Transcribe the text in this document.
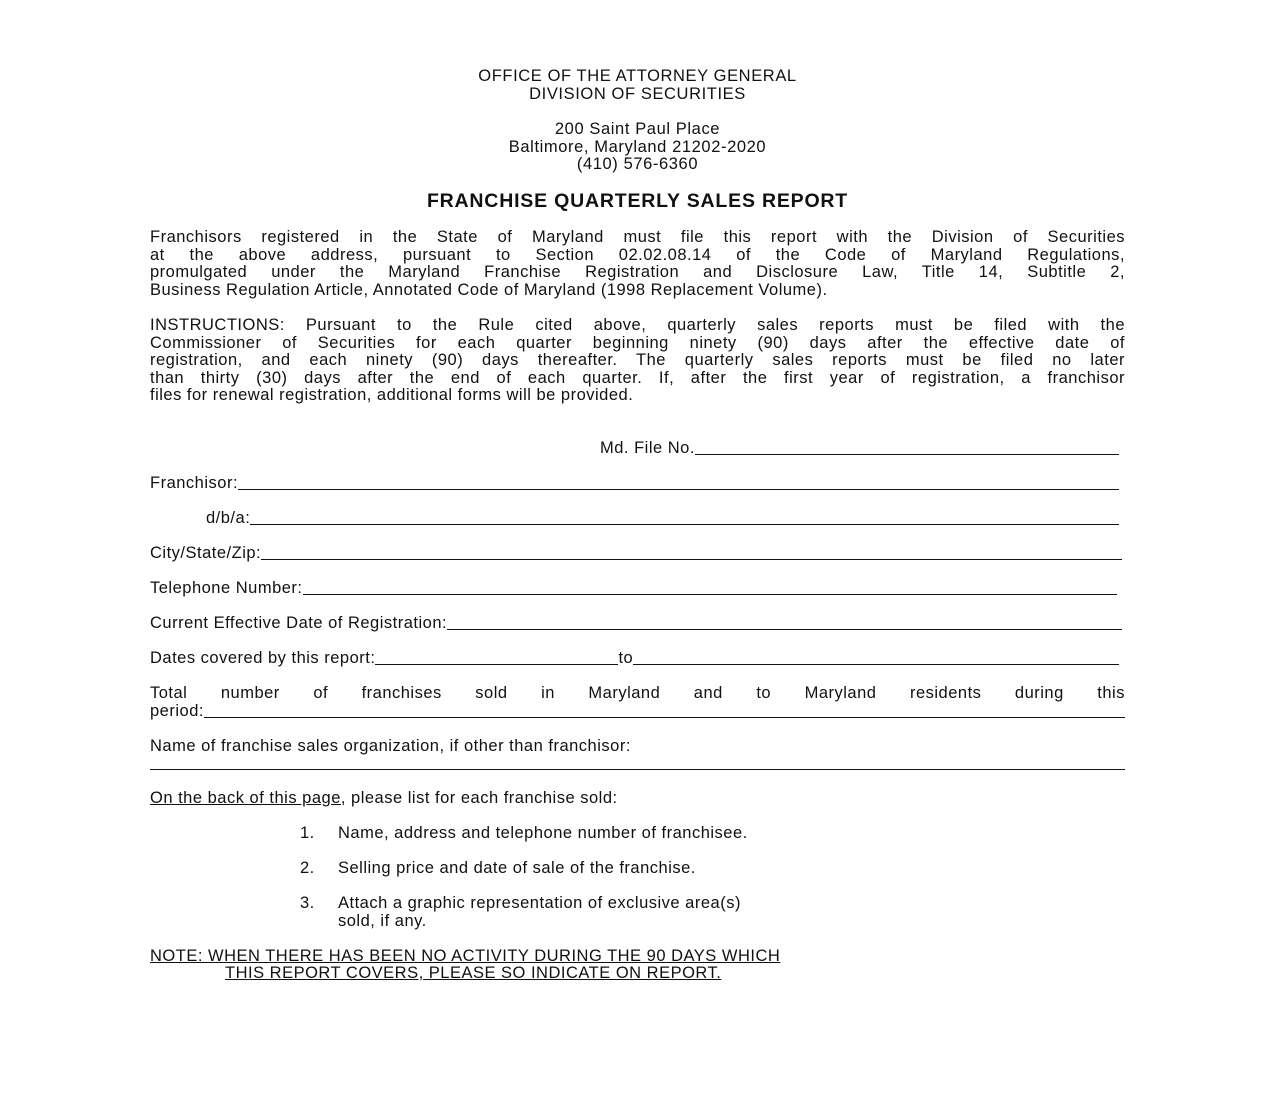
OFFICE OF THE ATTORNEY GENERAL
DIVISION OF SECURITIES
200 Saint Paul Place
Baltimore, Maryland 21202-2020
(410) 576-6360
FRANCHISE QUARTERLY SALES REPORT
Franchisors registered in the State of Maryland must file this report with the Division of Securities
at the above address, pursuant to Section 02.02.08.14 of the Code of Maryland Regulations,
promulgated under the Maryland Franchise Registration and Disclosure Law, Title 14, Subtitle 2,
Business Regulation Article, Annotated Code of Maryland (1998 Replacement Volume).
INSTRUCTIONS: Pursuant to the Rule cited above, quarterly sales reports must be filed with the
Commissioner of Securities for each quarter beginning ninety (90) days after the effective date of
registration, and each ninety (90) days thereafter. The quarterly sales reports must be filed no later
than thirty (30) days after the end of each quarter. If, after the first year of registration, a franchisor
files for renewal registration, additional forms will be provided.
Md. File No.
Franchisor:
d/b/a:
City/State/Zip:
Telephone Number:
Current Effective Date of Registration:
Dates covered by this report:	to
Total number of franchises sold in Maryland and to Maryland residents during this
period:
Name of franchise sales organization, if other than franchisor:
On the back of this page, please list for each franchise sold:
1. Name, address and telephone number of franchisee.
2. Selling price and date of sale of the franchise.
3. Attach a graphic representation of exclusive area(s)
sold, if any.
NOTE: WHEN THERE HAS BEEN NO ACTIVITY DURING THE 90 DAYS WHICH
THIS REPORT COVERS, PLEASE SO INDICATE ON REPORT.
